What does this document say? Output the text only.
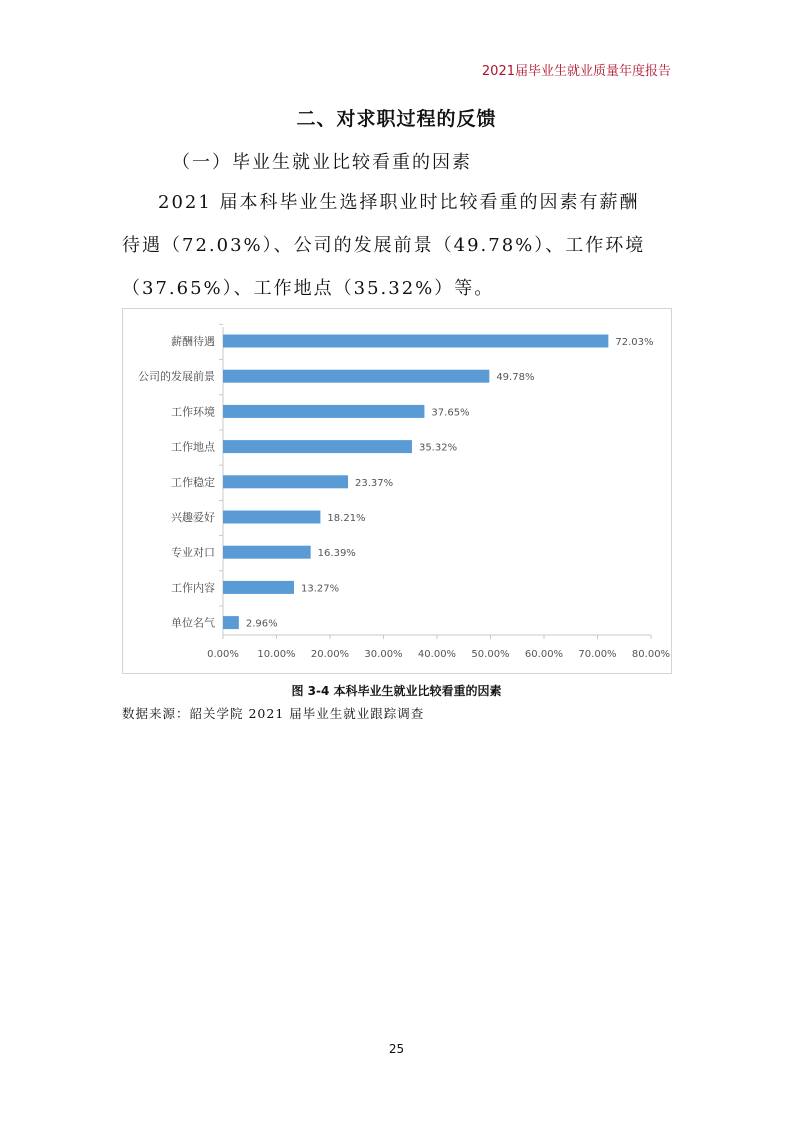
2021届毕业生就业质量年度报告
二、对求职过程的反馈
（一）毕业生就业比较看重的因素
2021 届本科毕业生选择职业时比较看重的因素有薪酬
待遇（72.03%）、公司的发展前景（49.78%）、工作环境
（37.65%）、工作地点（35.32%）等。
薪酬待遇	72.03%
公司的发展前景	49.78%
工作环境	37.65%
工作地点	35.32%
工作稳定	23.37%
兴趣爱好	18.21%
专业对口	16.39%
工作内容	13.27%
单位名气	2.96%
0.00% 10.00% 20.00% 30.00% 40.00% 50.00% 60.00% 70.00% 80.00%
图 3-4 本科毕业生就业比较看重的因素
数据来源：韶关学院 2021 届毕业生就业跟踪调查
25
